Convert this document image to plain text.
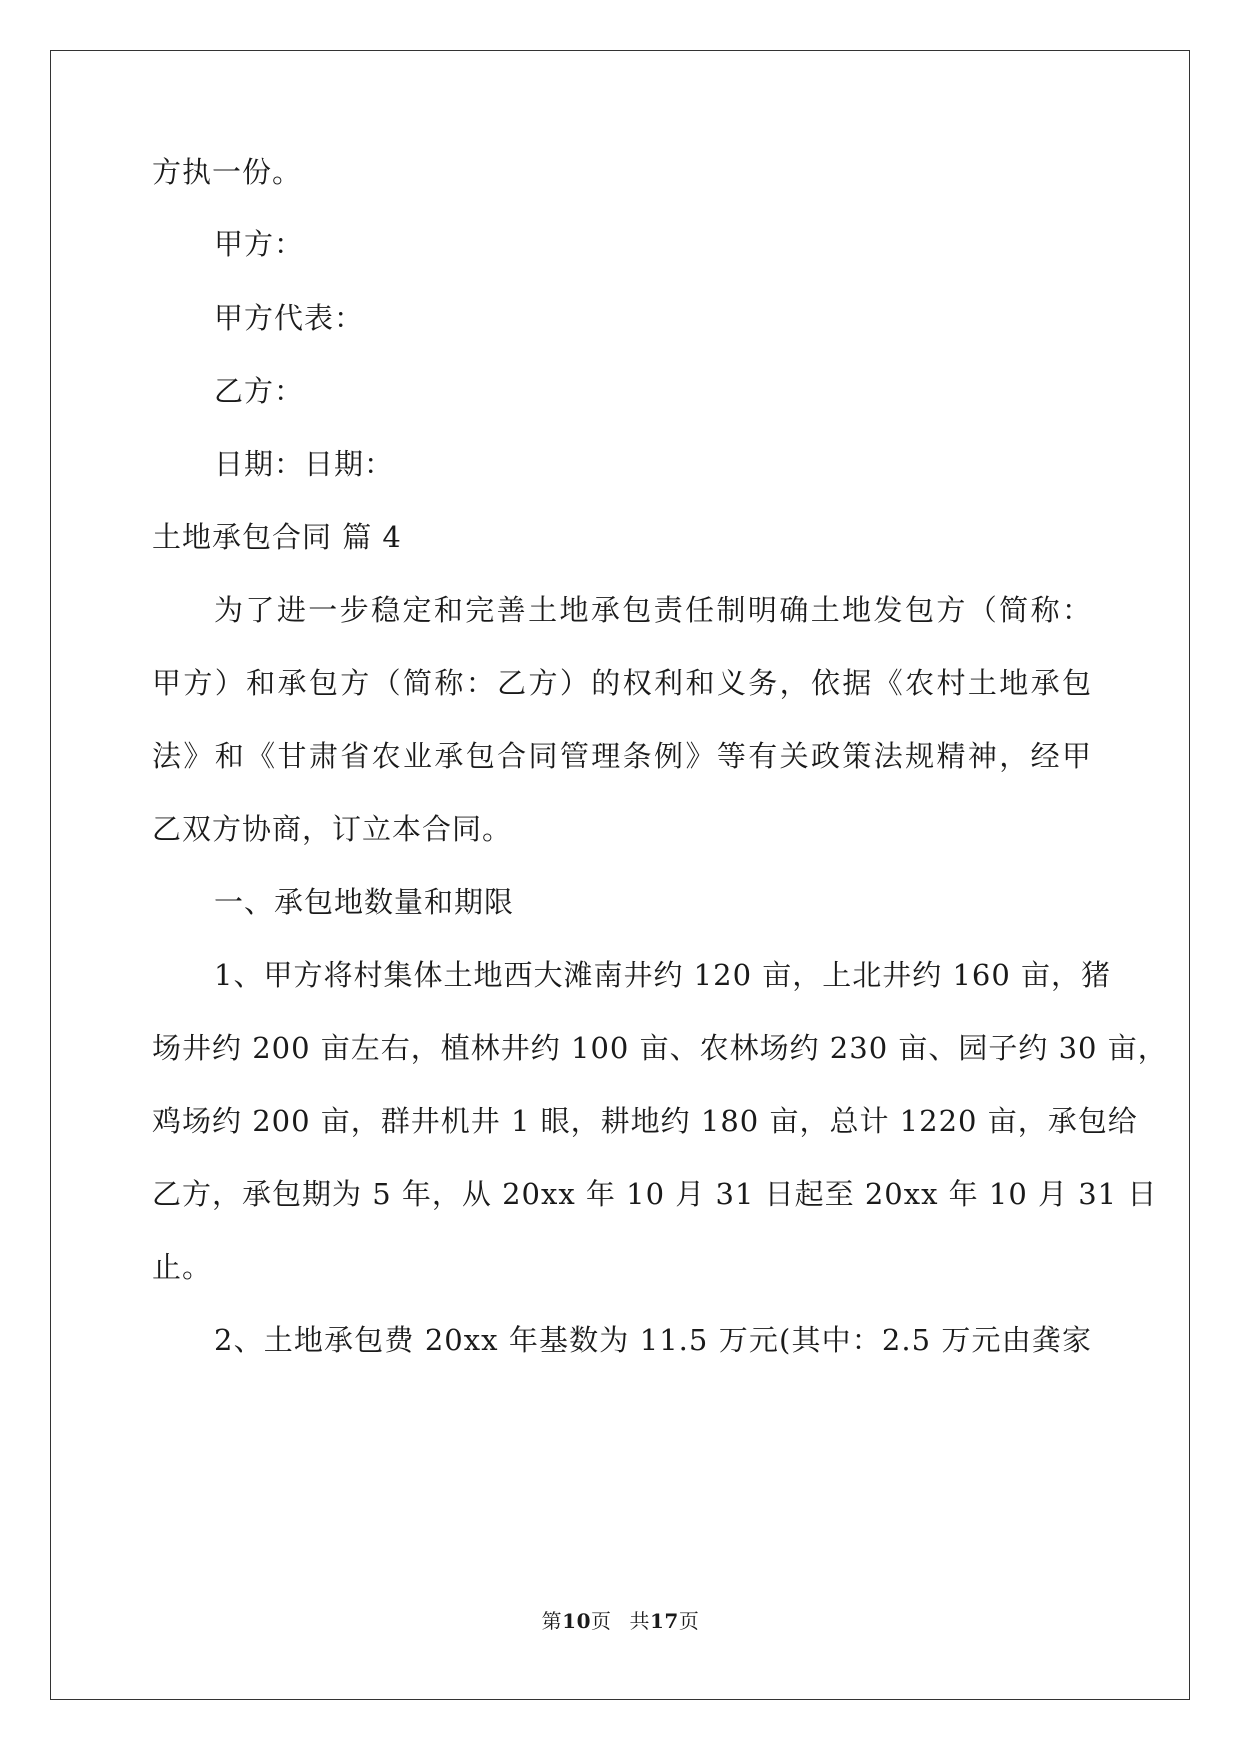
方执一份。
甲方：
甲方代表：
乙方：
日期：日期：
土地承包合同 篇 4
为了进一步稳定和完善土地承包责任制明确土地发包方（简称：
甲方）和承包方（简称：乙方）的权利和义务，依据《农村土地承包
法》和《甘肃省农业承包合同管理条例》等有关政策法规精神，经甲
乙双方协商，订立本合同。
一、承包地数量和期限
1、甲方将村集体土地西大滩南井约 120 亩，上北井约 160 亩，猪
场井约 200 亩左右，植林井约 100 亩、农林场约 230 亩、园子约 30 亩，
鸡场约 200 亩，群井机井 1 眼，耕地约 180 亩，总计 1220 亩，承包给
乙方，承包期为 5 年，从 20xx 年 10 月 31 日起至 20xx 年 10 月 31 日
止。
2、土地承包费 20xx 年基数为 11.5 万元(其中：2.5 万元由龚家
第10页 共17页
